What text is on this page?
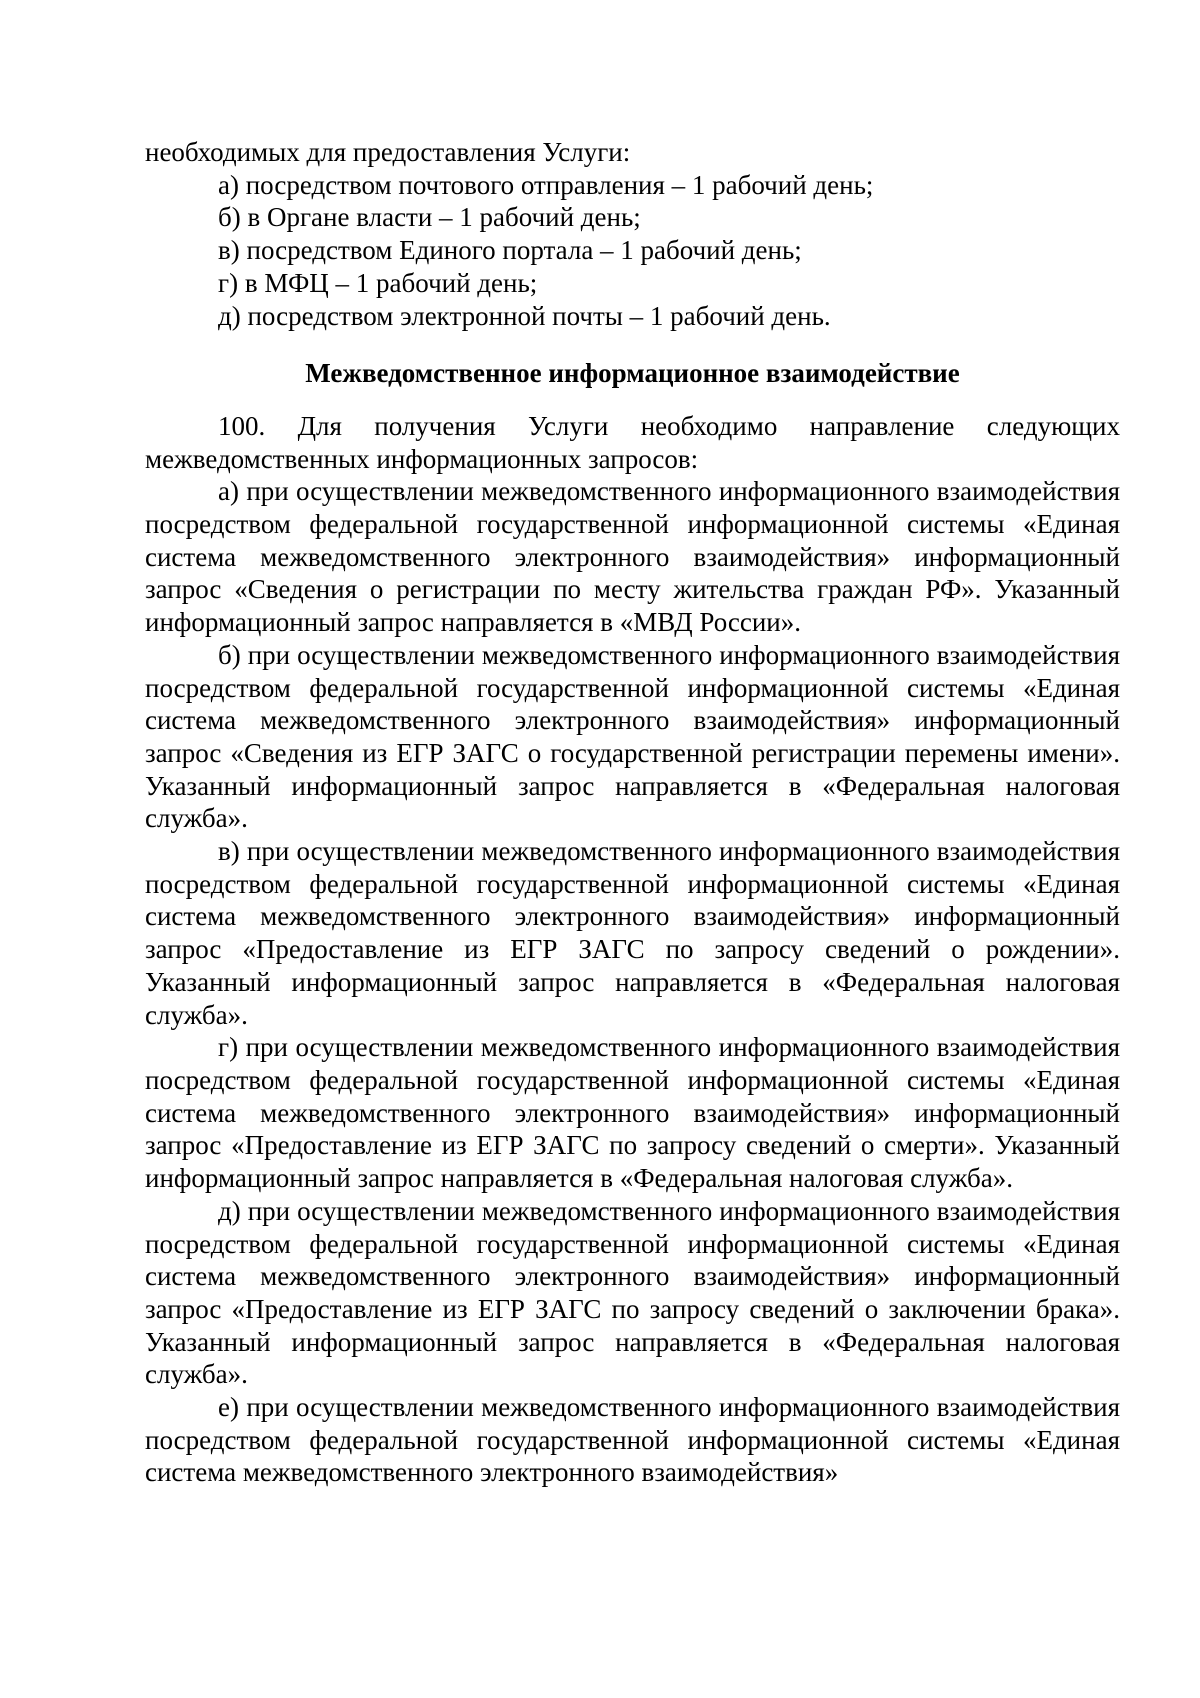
необходимых для предоставления Услуги:

а) посредством почтового отправления – 1 рабочий день;

б) в Органе власти – 1 рабочий день;

в) посредством Единого портала – 1 рабочий день;

г) в МФЦ – 1 рабочий день;

д) посредством электронной почты – 1 рабочий день.

Межведомственное информационное взаимодействие

100. Для получения Услуги необходимо направление следующих межведомственных информационных запросов:

а) при осуществлении межведомственного информационного взаимодействия посредством федеральной государственной информационной системы «Единая система межведомственного электронного взаимодействия» информационный запрос «Сведения о регистрации по месту жительства граждан РФ». Указанный информационный запрос направляется в «МВД России».

б) при осуществлении межведомственного информационного взаимодействия посредством федеральной государственной информационной системы «Единая система межведомственного электронного взаимодействия» информационный запрос «Сведения из ЕГР ЗАГС о государственной регистрации перемены имени». Указанный информационный запрос направляется в «Федеральная налоговая служба».

в) при осуществлении межведомственного информационного взаимодействия посредством федеральной государственной информационной системы «Единая система межведомственного электронного взаимодействия» информационный запрос «Предоставление из ЕГР ЗАГС по запросу сведений о рождении». Указанный информационный запрос направляется в «Федеральная налоговая служба».

г) при осуществлении межведомственного информационного взаимодействия посредством федеральной государственной информационной системы «Единая система межведомственного электронного взаимодействия» информационный запрос «Предоставление из ЕГР ЗАГС по запросу сведений о смерти». Указанный информационный запрос направляется в «Федеральная налоговая служба».

д) при осуществлении межведомственного информационного взаимодействия посредством федеральной государственной информационной системы «Единая система межведомственного электронного взаимодействия» информационный запрос «Предоставление из ЕГР ЗАГС по запросу сведений о заключении брака». Указанный информационный запрос направляется в «Федеральная налоговая служба».

е) при осуществлении межведомственного информационного взаимодействия посредством федеральной государственной информационной системы «Единая система межведомственного электронного взаимодействия»
